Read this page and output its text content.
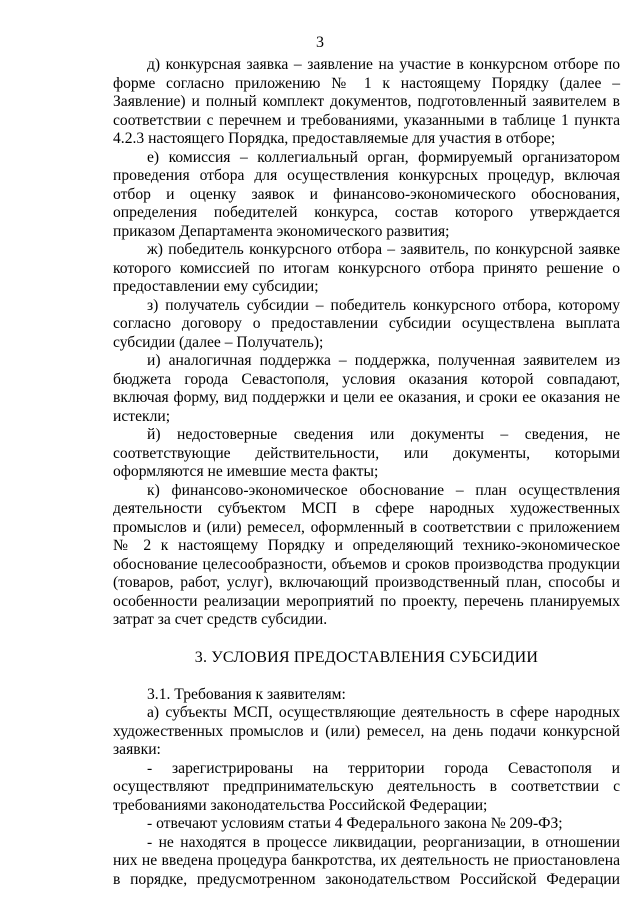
3

д) конкурсная заявка – заявление на участие в конкурсном отборе по форме согласно приложению № 1 к настоящему Порядку (далее – Заявление) и полный комплект документов, подготовленный заявителем в соответствии с перечнем и требованиями, указанными в таблице 1 пункта 4.2.3 настоящего Порядка, предоставляемые для участия в отборе;

е) комиссия – коллегиальный орган, формируемый организатором проведения отбора для осуществления конкурсных процедур, включая отбор и оценку заявок и финансово-экономического обоснования, определения победителей конкурса, состав которого утверждается приказом Департамента экономического развития;

ж) победитель конкурсного отбора – заявитель, по конкурсной заявке которого комиссией по итогам конкурсного отбора принято решение о предоставлении ему субсидии;

з) получатель субсидии – победитель конкурсного отбора, которому согласно договору о предоставлении субсидии осуществлена выплата субсидии (далее – Получатель);

и) аналогичная поддержка – поддержка, полученная заявителем из бюджета города Севастополя, условия оказания которой совпадают, включая форму, вид поддержки и цели ее оказания, и сроки ее оказания не истекли;

й) недостоверные сведения или документы – сведения, не соответствующие действительности, или документы, которыми оформляются не имевшие места факты;

к) финансово-экономическое обоснование – план осуществления деятельности субъектом МСП в сфере народных художественных промыслов и (или) ремесел, оформленный в соответствии с приложением № 2 к настоящему Порядку и определяющий технико-экономическое обоснование целесообразности, объемов и сроков производства продукции (товаров, работ, услуг), включающий производственный план, способы и особенности реализации мероприятий по проекту, перечень планируемых затрат за счет средств субсидии.

3. УСЛОВИЯ ПРЕДОСТАВЛЕНИЯ СУБСИДИИ

3.1. Требования к заявителям:

а) субъекты МСП, осуществляющие деятельность в сфере народных художественных промыслов и (или) ремесел, на день подачи конкурсной заявки:

- зарегистрированы на территории города Севастополя и осуществляют предпринимательскую деятельность в соответствии с требованиями законодательства Российской Федерации;

- отвечают условиям статьи 4 Федерального закона № 209-ФЗ;

- не находятся в процессе ликвидации, реорганизации, в отношении них не введена процедура банкротства, их деятельность не приостановлена в порядке, предусмотренном законодательством Российской Федерации
